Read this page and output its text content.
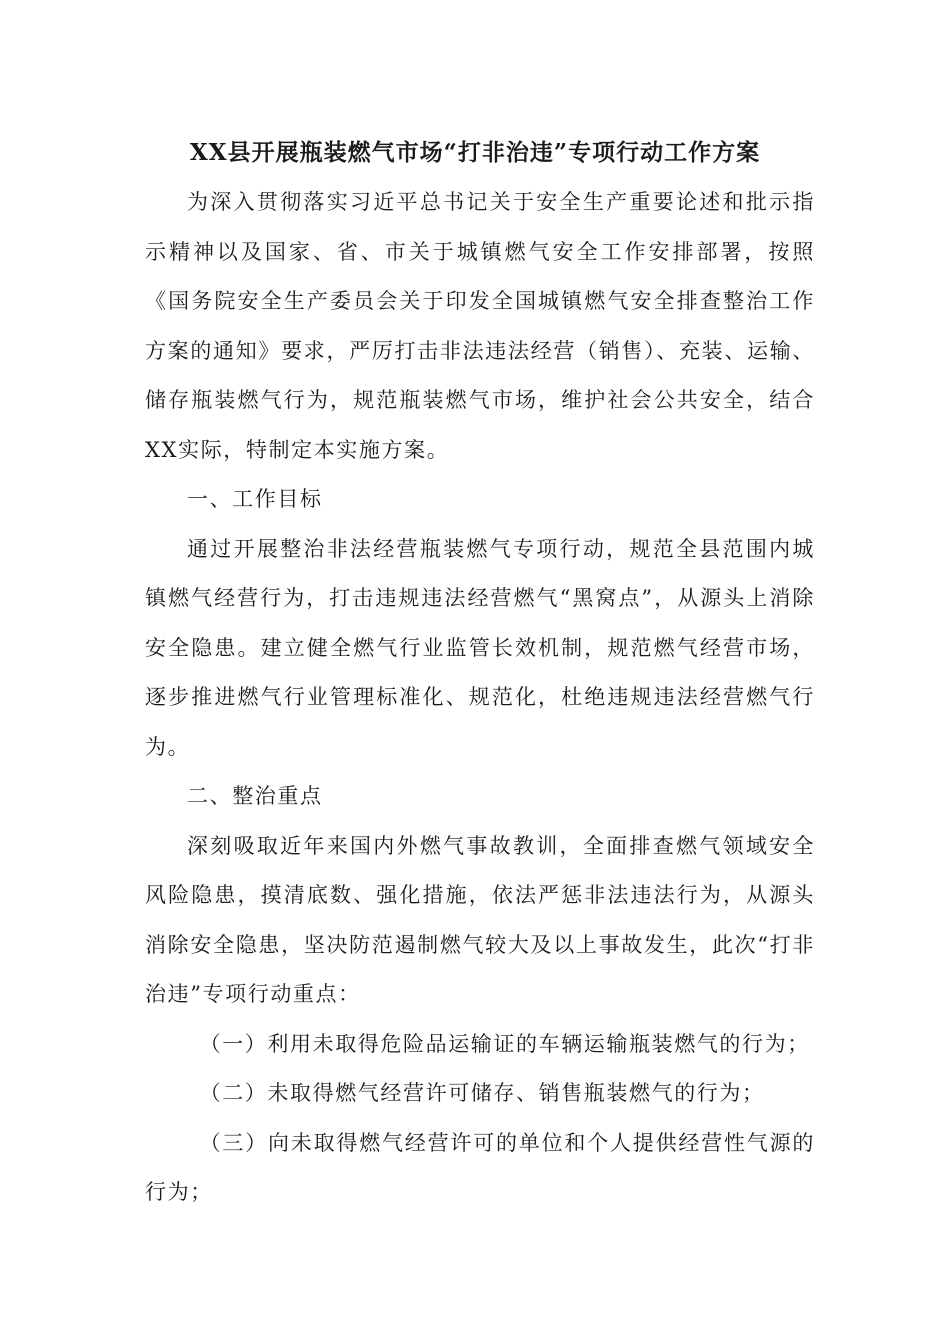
XX县开展瓶装燃气市场“打非治违”专项行动工作方案

为深入贯彻落实习近平总书记关于安全生产重要论述和批示指示精神以及国家、省、市关于城镇燃气安全工作安排部署，按照《国务院安全生产委员会关于印发全国城镇燃气安全排查整治工作方案的通知》要求，严厉打击非法违法经营（销售）、充装、运输、储存瓶装燃气行为，规范瓶装燃气市场，维护社会公共安全，结合XX实际，特制定本实施方案。

一、工作目标

通过开展整治非法经营瓶装燃气专项行动，规范全县范围内城镇燃气经营行为，打击违规违法经营燃气“黑窝点”，从源头上消除安全隐患。建立健全燃气行业监管长效机制，规范燃气经营市场，逐步推进燃气行业管理标准化、规范化，杜绝违规违法经营燃气行为。

二、整治重点

深刻吸取近年来国内外燃气事故教训，全面排查燃气领域安全风险隐患，摸清底数、强化措施，依法严惩非法违法行为，从源头消除安全隐患，坚决防范遏制燃气较大及以上事故发生，此次“打非治违”专项行动重点：

（一）利用未取得危险品运输证的车辆运输瓶装燃气的行为；

（二）未取得燃气经营许可储存、销售瓶装燃气的行为；

（三）向未取得燃气经营许可的单位和个人提供经营性气源的行为；
